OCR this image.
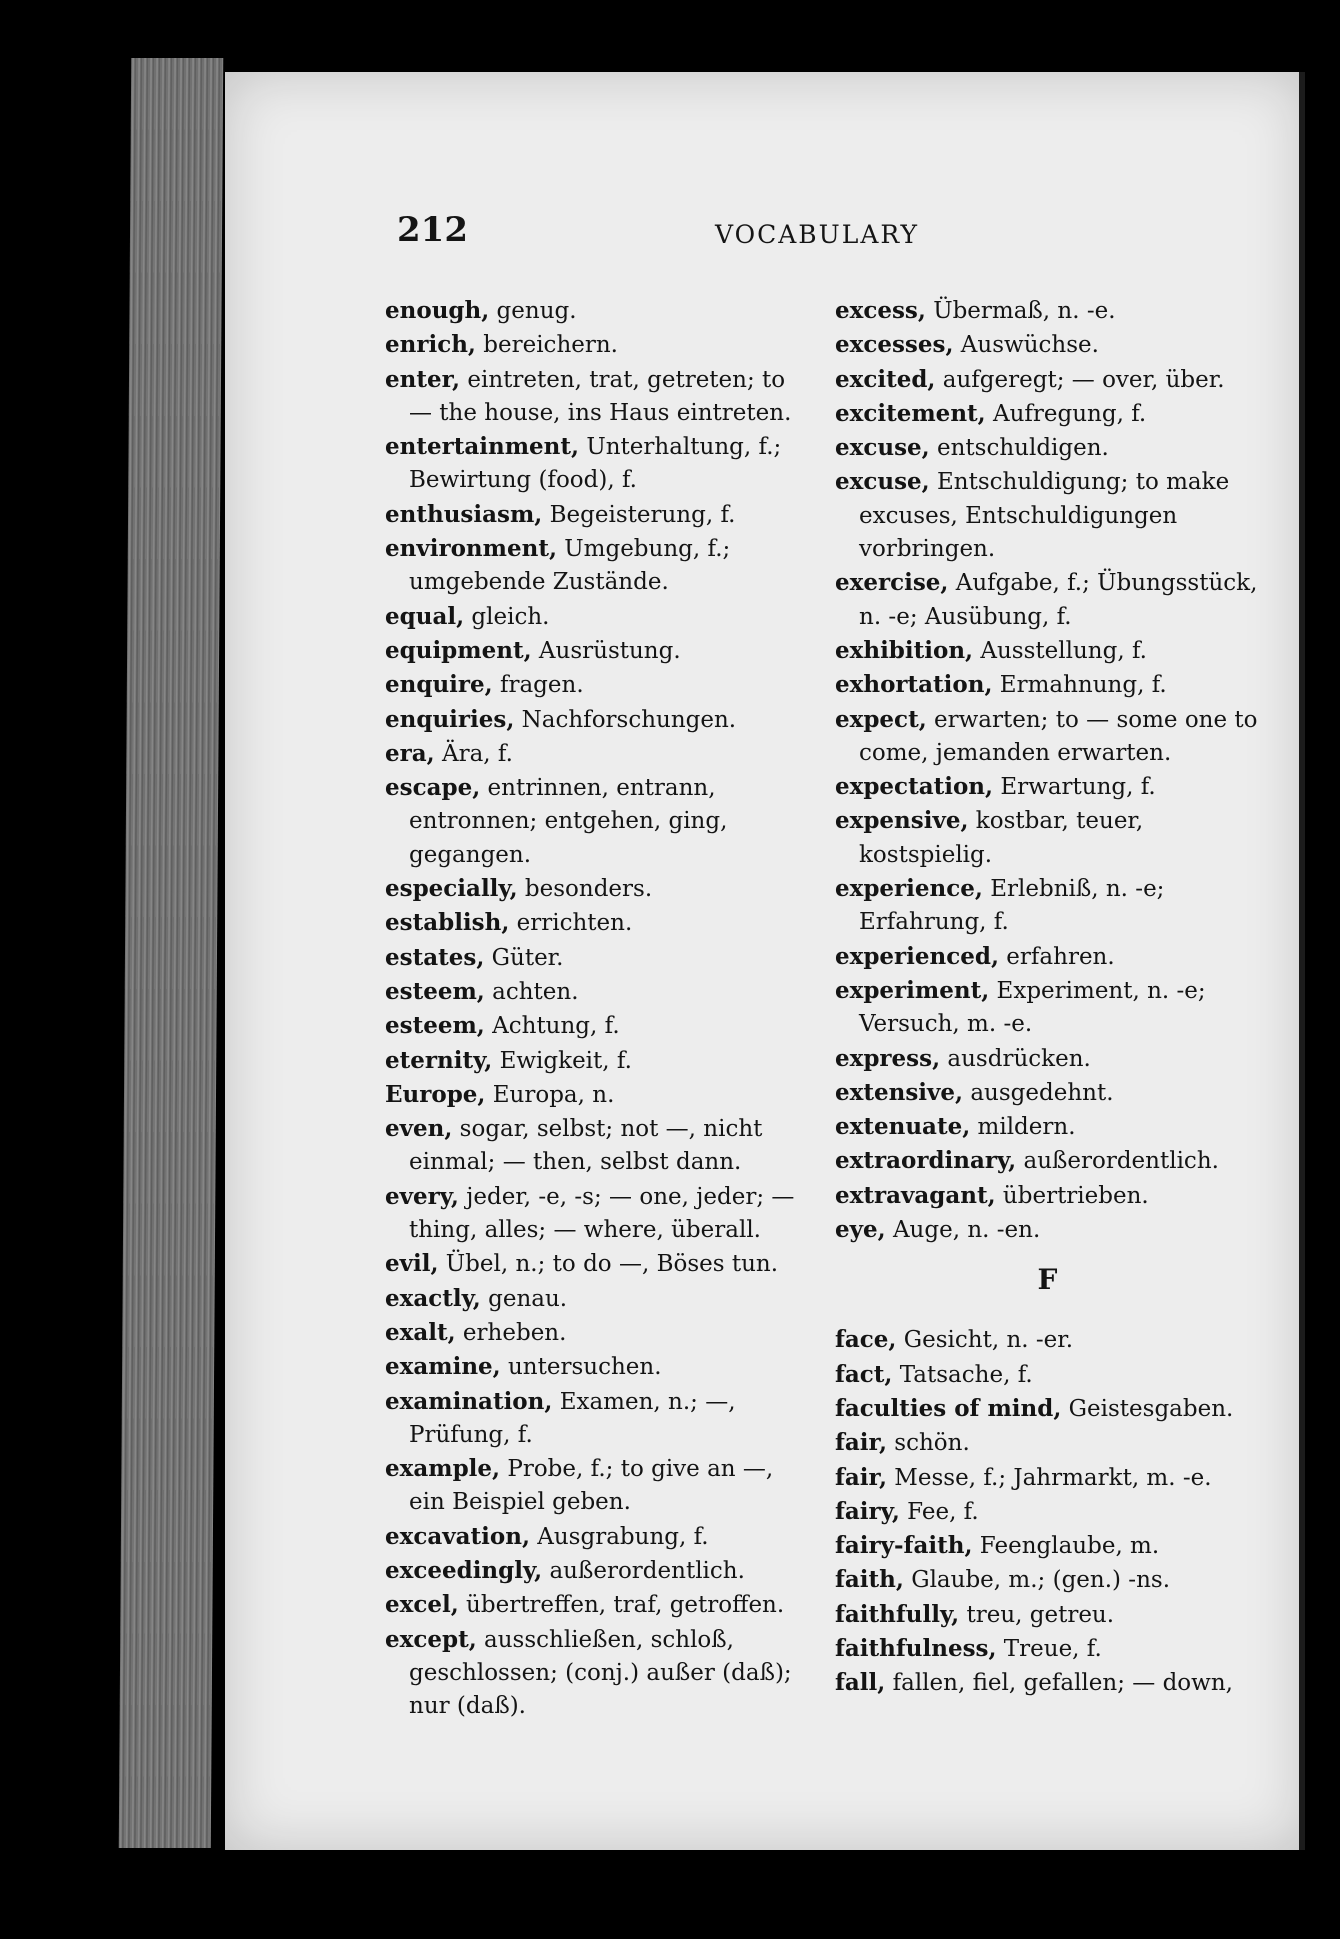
212	VOCABULARY
enough, genug.
enrich, bereichern.
enter, eintreten, trat, getreten; to — the house, ins Haus eintreten.
entertainment, Unterhaltung, f.; Bewirtung (food), f.
enthusiasm, Begeisterung, f.
environment, Umgebung, f.; umgebende Zustände.
equal, gleich.
equipment, Ausrüstung.
enquire, fragen.
enquiries, Nachforschungen.
era, Ära, f.
escape, entrinnen, entrann, entronnen; entgehen, ging, gegangen.
especially, besonders.
establish, errichten.
estates, Güter.
esteem, achten.
esteem, Achtung, f.
eternity, Ewigkeit, f.
Europe, Europa, n.
even, sogar, selbst; not —, nicht einmal; — then, selbst dann.
every, jeder, -e, -s; — one, jeder; — thing, alles; — where, überall.
evil, Übel, n.; to do —, Böses tun.
exactly, genau.
exalt, erheben.
examine, untersuchen.
examination, Examen, n.; —, Prüfung, f.
example, Probe, f.; to give an —, ein Beispiel geben.
excavation, Ausgrabung, f.
exceedingly, außerordentlich.
excel, übertreffen, traf, getroffen.
except, ausschließen, schloß, geschlossen; (conj.) außer (daß); nur (daß).
excess, Übermaß, n. -e.
excesses, Auswüchse.
excited, aufgeregt; — over, über.
excitement, Aufregung, f.
excuse, entschuldigen.
excuse, Entschuldigung; to make excuses, Entschuldigungen vorbringen.
exercise, Aufgabe, f.; Übungsstück, n. -e; Ausübung, f.
exhibition, Ausstellung, f.
exhortation, Ermahnung, f.
expect, erwarten; to — some one to come, jemanden erwarten.
expectation, Erwartung, f.
expensive, kostbar, teuer, kostspielig.
experience, Erlebniß, n. -e; Erfahrung, f.
experienced, erfahren.
experiment, Experiment, n. -e; Versuch, m. -e.
express, ausdrücken.
extensive, ausgedehnt.
extenuate, mildern.
extraordinary, außerordentlich.
extravagant, übertrieben.
eye, Auge, n. -en.
F
face, Gesicht, n. -er.
fact, Tatsache, f.
faculties of mind, Geistesgaben.
fair, schön.
fair, Messe, f.; Jahrmarkt, m. -e.
fairy, Fee, f.
fairy-faith, Feenglaube, m.
faith, Glaube, m.; (gen.) -ns.
faithfully, treu, getreu.
faithfulness, Treue, f.
fall, fallen, fiel, gefallen; — down,
